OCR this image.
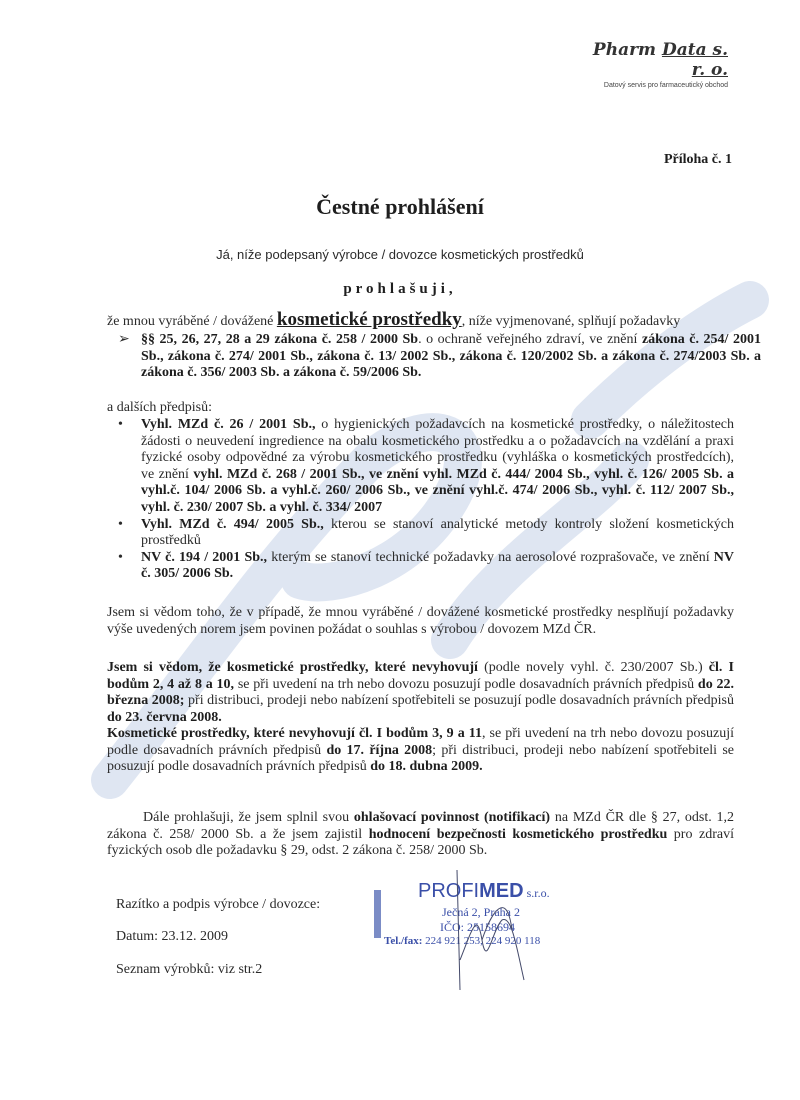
Pharm Data s. r. o.
Datový servis pro farmaceutický obchod
Příloha č. 1
Čestné prohlášení
Já, níže podepsaný výrobce / dovozce kosmetických prostředků
prohlašuji,
že mnou vyráběné / dovážené kosmetické prostředky, níže vyjmenované, splňují požadavky
➢ §§ 25, 26, 27, 28 a 29 zákona č. 258 / 2000 Sb. o ochraně veřejného zdraví, ve znění zákona č. 254/ 2001 Sb., zákona č. 274/ 2001 Sb., zákona č. 13/ 2002 Sb., zákona č. 120/2002 Sb. a zákona č. 274/2003 Sb. a zákona č. 356/ 2003 Sb. a zákona č. 59/2006 Sb.
a dalších předpisů:
• Vyhl. MZd č. 26 / 2001 Sb., o hygienických požadavcích na kosmetické prostředky, o náležitostech žádosti o neuvedení ingredience na obalu kosmetického prostředku a o požadavcích na vzdělání a praxi fyzické osoby odpovědné za výrobu kosmetického prostředku (vyhláška o kosmetických prostředcích), ve znění vyhl. MZd č. 268 / 2001 Sb., ve znění vyhl. MZd č. 444/ 2004 Sb., vyhl. č. 126/ 2005 Sb. a vyhl.č. 104/ 2006 Sb. a vyhl.č. 260/ 2006 Sb., ve znění vyhl.č. 474/ 2006 Sb., vyhl. č. 112/ 2007 Sb., vyhl. č. 230/ 2007 Sb. a vyhl. č. 334/ 2007
• Vyhl. MZd č. 494/ 2005 Sb., kterou se stanoví analytické metody kontroly složení kosmetických prostředků
• NV č. 194 / 2001 Sb., kterým se stanoví technické požadavky na aerosolové rozprašovače, ve znění NV č. 305/ 2006 Sb.
Jsem si vědom toho, že v případě, že mnou vyráběné / dovážené kosmetické prostředky nesplňují požadavky výše uvedených norem jsem povinen požádat o souhlas s výrobou / dovozem MZd ČR.
Jsem si vědom, že kosmetické prostředky, které nevyhovují (podle novely vyhl. č. 230/2007 Sb.) čl. I bodům 2, 4 až 8 a 10, se při uvedení na trh nebo dovozu posuzují podle dosavadních právních předpisů do 22. března 2008; při distribuci, prodeji nebo nabízení spotřebiteli se posuzují podle dosavadních právních předpisů do 23. června 2008.
Kosmetické prostředky, které nevyhovují čl. I bodům 3, 9 a 11, se při uvedení na trh nebo dovozu posuzují podle dosavadních právních předpisů do 17. října 2008; při distribuci, prodeji nebo nabízení spotřebiteli se posuzují podle dosavadních právních předpisů do 18. dubna 2009.
Dále prohlašuji, že jsem splnil svou ohlašovací povinnost (notifikací) na MZd ČR dle § 27, odst. 1,2 zákona č. 258/ 2000 Sb. a že jsem zajistil hodnocení bezpečnosti kosmetického prostředku pro zdraví fyzických osob dle požadavku § 29, odst. 2 zákona č. 258/ 2000 Sb.
Razítko a podpis výrobce / dovozce:
Datum: 23.12. 2009
Seznam výrobků: viz str.2
PROFIMED s.r.o.
Ječná 2, Praha 2
IČO: 25158694
Tel./fax: 224 921 253, 224 920 118
